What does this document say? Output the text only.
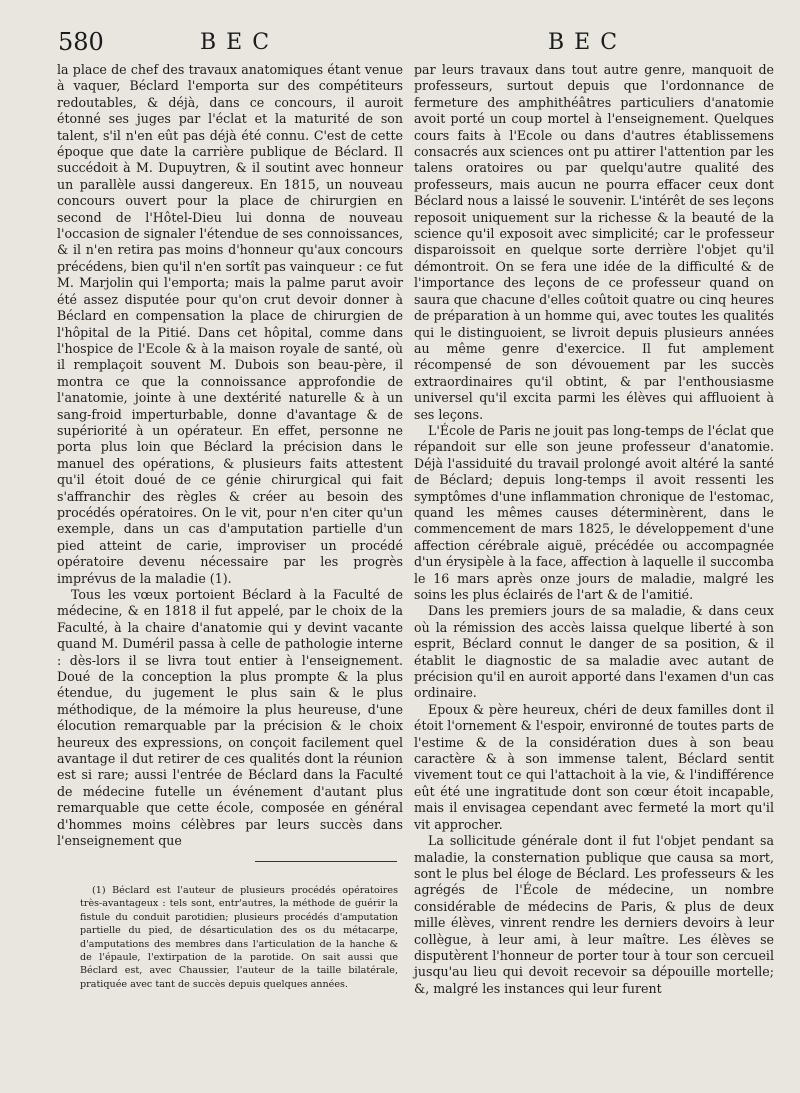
580	BEC	BEC

la place de chef des travaux anatomiques étant venue à vaquer, Béclard l'emporta sur des compétiteurs redoutables, & déjà, dans ce concours, il auroit étonné ses juges par l'éclat et la maturité de son talent, s'il n'en eût pas déjà été connu. C'est de cette époque que date la carrière publique de Béclard. Il succédoit à M. Dupuytren, & il soutint avec honneur un parallèle aussi dangereux. En 1815, un nouveau concours ouvert pour la place de chirurgien en second de l'Hôtel-Dieu lui donna de nouveau l'occasion de signaler l'étendue de ses connoissances, & il n'en retira pas moins d'honneur qu'aux concours précédens, bien qu'il n'en sortît pas vainqueur : ce fut M. Marjolin qui l'emporta; mais la palme parut avoir été assez disputée pour qu'on crut devoir donner à Béclard en compensation la place de chirurgien de l'hôpital de la Pitié. Dans cet hôpital, comme dans l'hospice de l'Ecole & à la maison royale de santé, où il remplaçoit souvent M. Dubois son beau-père, il montra ce que la connoissance approfondie de l'anatomie, jointe à une dextérité naturelle & à un sang-froid imperturbable, donne d'avantage & de supériorité à un opérateur. En effet, personne ne porta plus loin que Béclard la précision dans le manuel des opérations, & plusieurs faits attestent qu'il étoit doué de ce génie chirurgical qui fait s'affranchir des règles & créer au besoin des procédés opératoires. On le vit, pour n'en citer qu'un exemple, dans un cas d'amputation partielle d'un pied atteint de carie, improviser un procédé opératoire devenu nécessaire par les progrès imprévus de la maladie (1).

Tous les vœux portoient Béclard à la Faculté de médecine, & en 1818 il fut appelé, par le choix de la Faculté, à la chaire d'anatomie qui y devint vacante quand M. Duméril passa à celle de pathologie interne : dès-lors il se livra tout entier à l'enseignement. Doué de la conception la plus prompte & la plus étendue, du jugement le plus sain & le plus méthodique, de la mémoire la plus heureuse, d'une élocution remarquable par la précision & le choix heureux des expressions, on conçoit facilement quel avantage il dut retirer de ces qualités dont la réunion est si rare; aussi l'entrée de Béclard dans la Faculté de médecine futelle un événement d'autant plus remarquable que cette école, composée en général d'hommes moins célèbres par leurs succès dans l'enseignement que

par leurs travaux dans tout autre genre, manquoit de professeurs, surtout depuis que l'ordonnance de fermeture des amphithéâtres particuliers d'anatomie avoit porté un coup mortel à l'enseignement. Quelques cours faits à l'Ecole ou dans d'autres établissemens consacrés aux sciences ont pu attirer l'attention par les talens oratoires ou par quelqu'autre qualité des professeurs, mais aucun ne pourra effacer ceux dont Béclard nous a laissé le souvenir. L'intérêt de ses leçons reposoit uniquement sur la richesse & la beauté de la science qu'il exposoit avec simplicité; car le professeur disparoissoit en quelque sorte derrière l'objet qu'il démontroit. On se fera une idée de la difficulté & de l'importance des leçons de ce professeur quand on saura que chacune d'elles coûtoit quatre ou cinq heures de préparation à un homme qui, avec toutes les qualités qui le distinguoient, se livroit depuis plusieurs années au même genre d'exercice. Il fut amplement récompensé de son dévouement par les succès extraordinaires qu'il obtint, & par l'enthousiasme universel qu'il excita parmi les élèves qui affluoient à ses leçons.

L'École de Paris ne jouit pas long-temps de l'éclat que répandoit sur elle son jeune professeur d'anatomie. Déjà l'assiduité du travail prolongé avoit altéré la santé de Béclard; depuis long-temps il avoit ressenti les symptômes d'une inflammation chronique de l'estomac, quand les mêmes causes déterminèrent, dans le commencement de mars 1825, le développement d'une affection cérébrale aiguë, précédée ou accompagnée d'un érysipèle à la face, affection à laquelle il succomba le 16 mars après onze jours de maladie, malgré les soins les plus éclairés de l'art & de l'amitié.

Dans les premiers jours de sa maladie, & dans ceux où la rémission des accès laissa quelque liberté à son esprit, Béclard connut le danger de sa position, & il établit le diagnostic de sa maladie avec autant de précision qu'il en auroit apporté dans l'examen d'un cas ordinaire.

Epoux & père heureux, chéri de deux familles dont il étoit l'ornement & l'espoir, environné de toutes parts de l'estime & de la considération dues à son beau caractère & à son immense talent, Béclard sentit vivement tout ce qui l'attachoit à la vie, & l'indifférence eût été une ingratitude dont son cœur étoit incapable, mais il envisagea cependant avec fermeté la mort qu'il vit approcher.

La sollicitude générale dont il fut l'objet pendant sa maladie, la consternation publique que causa sa mort, sont le plus bel éloge de Béclard. Les professeurs & les agrégés de l'École de médecine, un nombre considérable de médecins de Paris, & plus de deux mille élèves, vinrent rendre les derniers devoirs à leur collègue, à leur ami, à leur maître. Les élèves se disputèrent l'honneur de porter tour à tour son cercueil jusqu'au lieu qui devoit recevoir sa dépouille mortelle; &, malgré les instances qui leur furent

(1) Béclard est l'auteur de plusieurs procédés opératoires très-avantageux : tels sont, entr'autres, la méthode de guérir la fistule du conduit parotidien; plusieurs procédés d'amputation partielle du pied, de désarticulation des os du métacarpe, d'amputations des membres dans l'articulation de la hanche & de l'épaule, l'extirpation de la parotide. On sait aussi que Béclard est, avec Chaussier, l'auteur de la taille bilatérale, pratiquée avec tant de succès depuis quelques années.
